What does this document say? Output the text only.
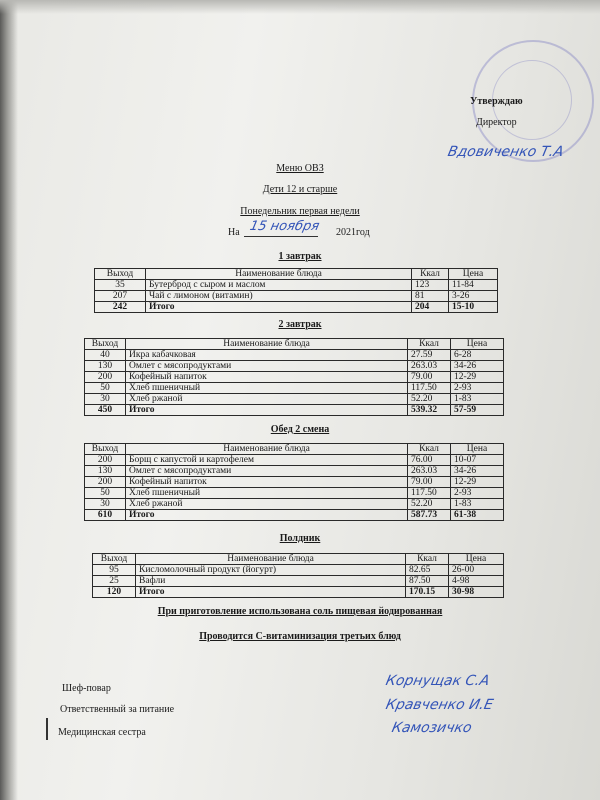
Утверждаю
Директор
Вдовиченко Т.А
Меню ОВЗ
Дети 12 и старше
Понедельник первая недели
На 15 ноября 2021год
1 завтрак
Выход	Наименование блюда	Ккал	Цена
35	Бутерброд с сыром и маслом	123	11-84
207	Чай с лимоном (витамин)	81	3-26
242	Итого	204	15-10
2 завтрак
Выход	Наименование блюда	Ккал	Цена
40	Икра кабачковая	27.59	6-28
130	Омлет с мясопродуктами	263.03	34-26
200	Кофейный напиток	79.00	12-29
50	Хлеб пшеничный	117.50	2-93
30	Хлеб ржаной	52.20	1-83
450	Итого	539.32	57-59
Обед 2 смена
Выход	Наименование блюда	Ккал	Цена
200	Борщ с капустой и картофелем	76.00	10-07
130	Омлет с мясопродуктами	263.03	34-26
200	Кофейный напиток	79.00	12-29
50	Хлеб пшеничный	117.50	2-93
30	Хлеб ржаной	52.20	1-83
610	Итого	587.73	61-38
Полдник
Выход	Наименование блюда	Ккал	Цена
95	Кисломолочный продукт (йогурт)	82.65	26-00
25	Вафли	87.50	4-98
120	Итого	170.15	30-98
При приготовление использована соль пищевая йодированная
Проводится С-витаминизация третьих блюд
Шеф-повар	Корнущак С.А
Ответственный за питание	Кравченко И.Е
Медицинская сестра	Камозичко
